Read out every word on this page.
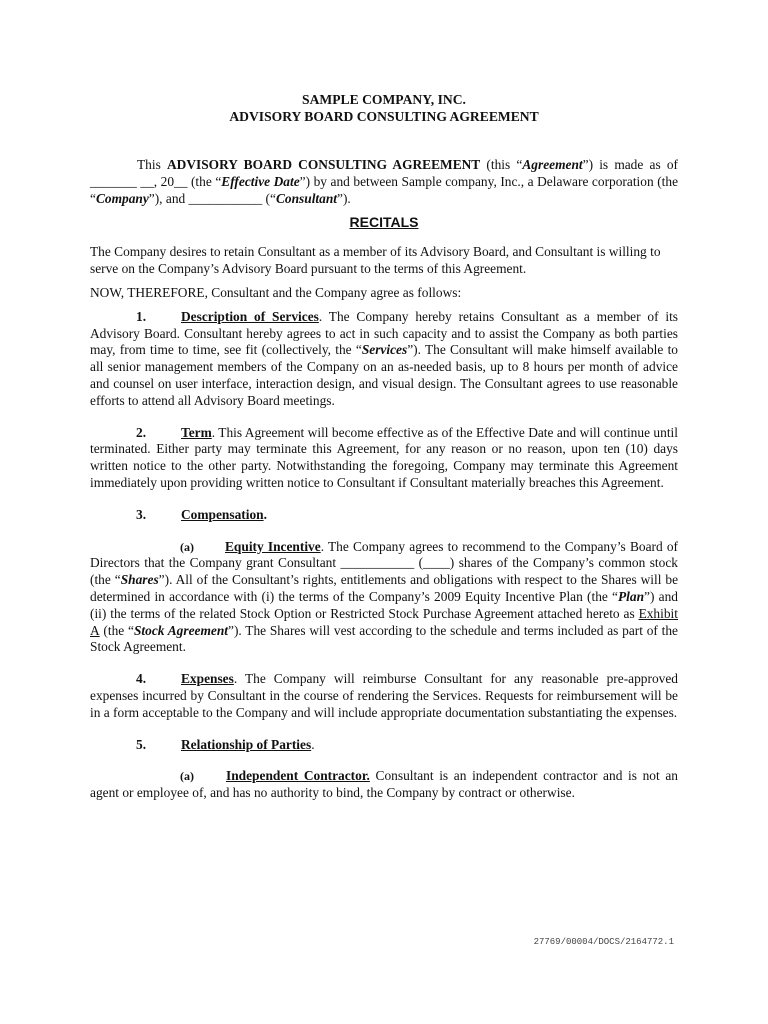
SAMPLE COMPANY, INC.
ADVISORY BOARD CONSULTING AGREEMENT

This ADVISORY BOARD CONSULTING AGREEMENT (this “Agreement”) is made as of _______ __, 20__ (the “Effective Date”) by and between Sample company, Inc., a Delaware corporation (the “Company”), and ___________ (“Consultant”).

RECITALS

The Company desires to retain Consultant as a member of its Advisory Board, and Consultant is willing to serve on the Company’s Advisory Board pursuant to the terms of this Agreement.

NOW, THEREFORE, Consultant and the Company agree as follows:

1.	Description of Services. The Company hereby retains Consultant as a member of its Advisory Board. Consultant hereby agrees to act in such capacity and to assist the Company as both parties may, from time to time, see fit (collectively, the “Services”). The Consultant will make himself available to all senior management members of the Company on an as-needed basis, up to 8 hours per month of advice and counsel on user interface, interaction design, and visual design. The Consultant agrees to use reasonable efforts to attend all Advisory Board meetings.

2.	Term. This Agreement will become effective as of the Effective Date and will continue until terminated. Either party may terminate this Agreement, for any reason or no reason, upon ten (10) days written notice to the other party. Notwithstanding the foregoing, Company may terminate this Agreement immediately upon providing written notice to Consultant if Consultant materially breaches this Agreement.

3.	Compensation.

(a) Equity Incentive. The Company agrees to recommend to the Company’s Board of Directors that the Company grant Consultant ___________ (____) shares of the Company’s common stock (the “Shares”). All of the Consultant’s rights, entitlements and obligations with respect to the Shares will be determined in accordance with (i) the terms of the Company’s 2009 Equity Incentive Plan (the “Plan”) and (ii) the terms of the related Stock Option or Restricted Stock Purchase Agreement attached hereto as Exhibit A (the “Stock Agreement”). The Shares will vest according to the schedule and terms included as part of the Stock Agreement.

4.	Expenses. The Company will reimburse Consultant for any reasonable pre-approved expenses incurred by Consultant in the course of rendering the Services. Requests for reimbursement will be in a form acceptable to the Company and will include appropriate documentation substantiating the expenses.

5.	Relationship of Parties.

(a) Independent Contractor. Consultant is an independent contractor and is not an agent or employee of, and has no authority to bind, the Company by contract or otherwise.

27769/00004/DOCS/2164772.1
